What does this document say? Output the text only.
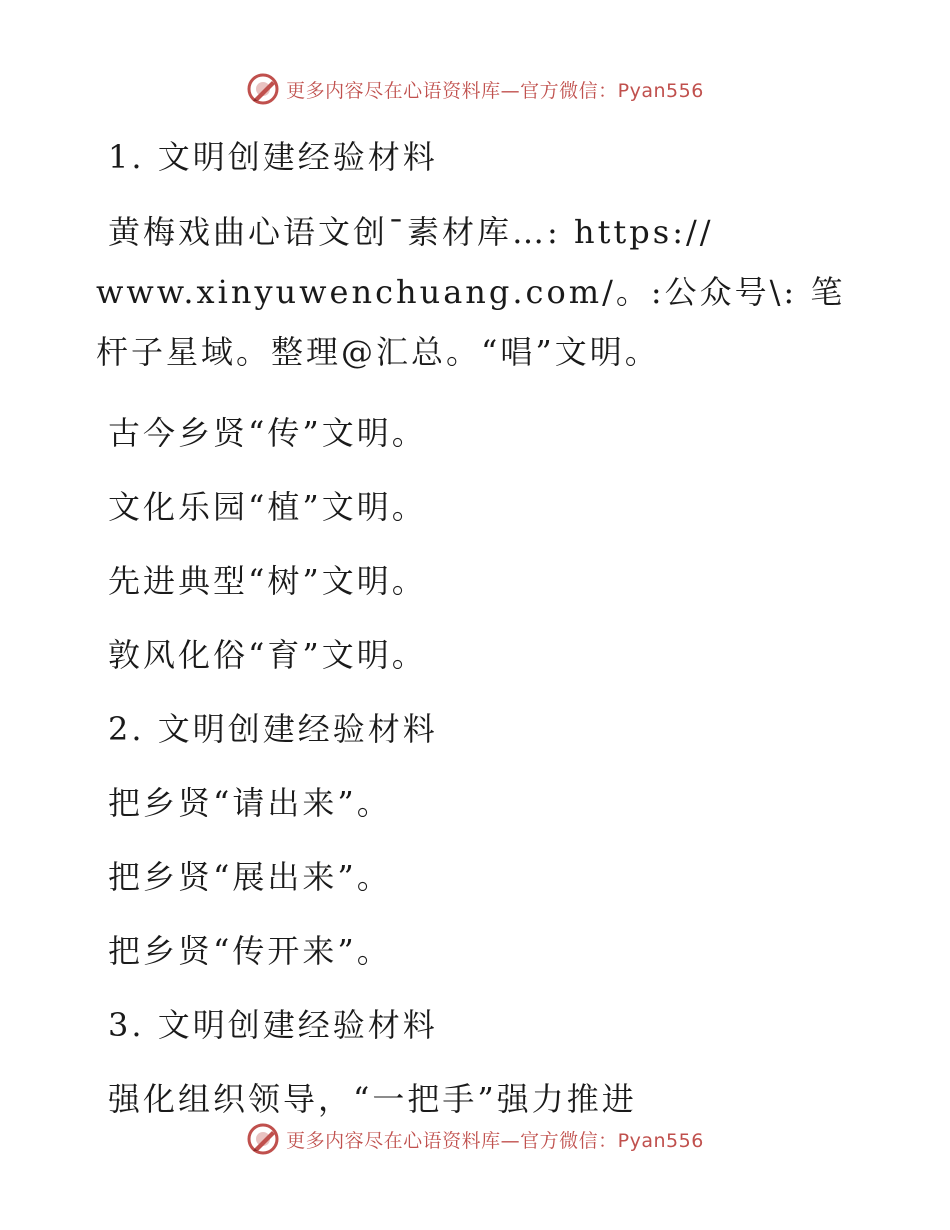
更多内容尽在心语资料库—官方微信：Pyan556
1. 文明创建经验材料
黄梅戏曲心语文创¯素材库…: https://
www.xinyuwenchuang.com/。:公众号\: 笔杆子星域。整理@汇总。“唱”文明。
古今乡贤“传”文明。
文化乐园“植”文明。
先进典型“树”文明。
敦风化俗“育”文明。
2. 文明创建经验材料
把乡贤“请出来”。
把乡贤“展出来”。
把乡贤“传开来”。
3. 文明创建经验材料
强化组织领导，“一把手”强力推进
更多内容尽在心语资料库—官方微信：Pyan556
